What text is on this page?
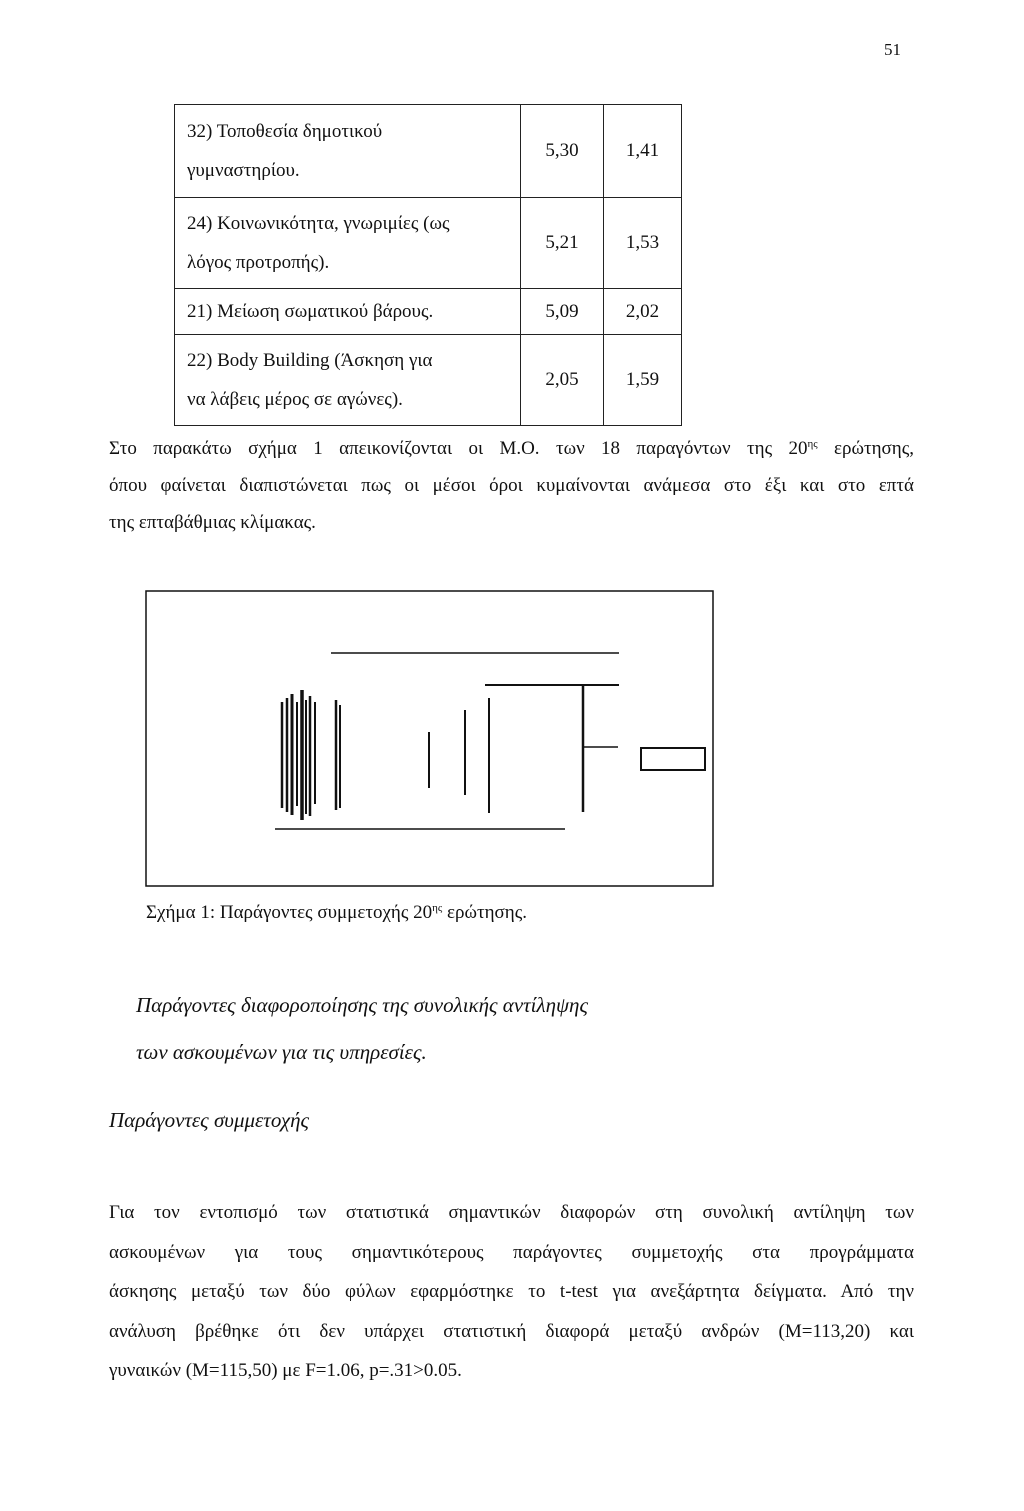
51
32) Τοποθεσία δημοτικού
γυμναστηρίου.	5,30	1,41
24) Κοινωνικότητα, γνωριμίες (ως
λόγος προτροπής).	5,21	1,53
21) Μείωση σωματικού βάρους.	5,09	2,02
22) Body Building (Άσκηση για
να λάβεις μέρος σε αγώνες).	2,05	1,59
Στο παρακάτω σχήμα 1 απεικονίζονται οι Μ.Ο. των 18 παραγόντων της $20^{\eta\varsigma}$ ερώτησης,
όπου φαίνεται διαπιστώνεται πως οι μέσοι όροι κυμαίνονται ανάμεσα στο έξι και στο επτά
της επταβάθμιας κλίμακας.
Σχήμα 1: Παράγοντες συμμετοχής $20^{\eta\varsigma}$ ερώτησης.
Παράγοντες διαφοροποίησης της συνολικής αντίληψης
των ασκουμένων για τις υπηρεσίες.
Παράγοντες συμμετοχής
Για τον εντοπισμό των στατιστικά σημαντικών διαφορών στη συνολική αντίληψη των
ασκουμένων για τους σημαντικότερους παράγοντες συμμετοχής στα προγράμματα
άσκησης μεταξύ των δύο φύλων εφαρμόστηκε το t-test για ανεξάρτητα δείγματα. Από την
ανάλυση βρέθηκε ότι δεν υπάρχει στατιστική διαφορά μεταξύ ανδρών (Μ=113,20) και
γυναικών (Μ=115,50) με F=1.06, p=.31>0.05.
